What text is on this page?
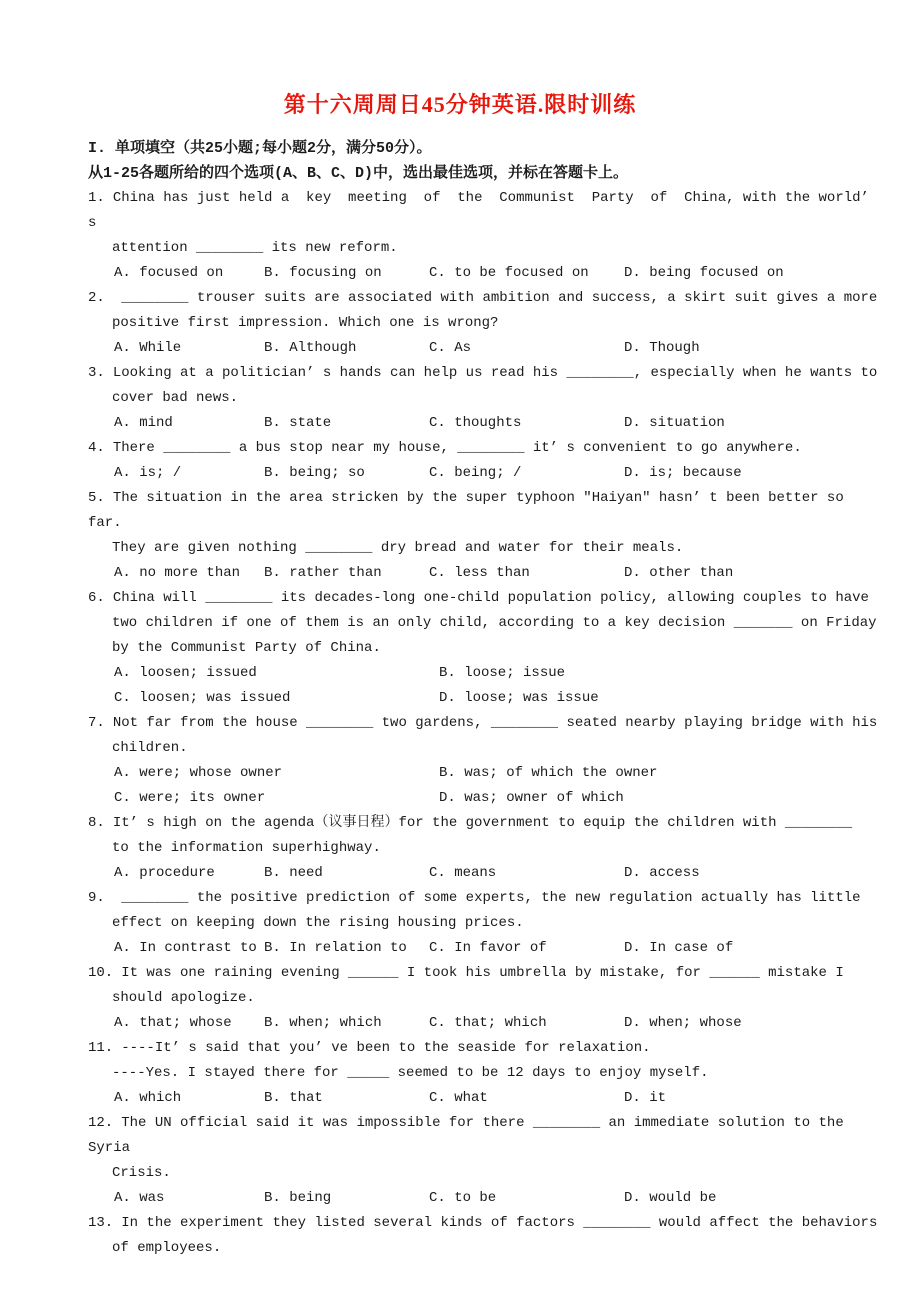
第十六周周日45分钟英语.限时训练
I. 单项填空（共25小题;每小题2分，满分50分）。
从1-25各题所给的四个选项(A、B、C、D)中，选出最佳选项，并标在答题卡上。
1. China has just held a  key  meeting  of  the  Communist  Party  of  China, with the world’ s
attention ________ its new reform.
A. focused on	B. focusing on	C. to be focused on	D. being focused on
2. ________ trouser suits are associated with ambition and success, a skirt suit gives a more
positive first impression. Which one is wrong?
A. While	B. Although	C. As	D. Though
3. Looking at a politician’ s hands can help us read his ________, especially when he wants to
cover bad news.
A. mind	B. state	C. thoughts	D. situation
4. There ________ a bus stop near my house, ________ it’ s convenient to go anywhere.
A. is; /	B. being; so	C. being; /	D. is; because
5. The situation in the area stricken by the super typhoon "Haiyan" hasn’ t been better so far.
They are given nothing ________ dry bread and water for their meals.
A. no more than	B. rather than	C. less than	D. other than
6. China will ________ its decades-long one-child population policy, allowing couples to have
two children if one of them is an only child, according to a key decision _______ on Friday
by the Communist Party of China.
A. loosen; issued	B. loose; issue
C. loosen; was issued	D. loose; was issue
7. Not far from the house ________ two gardens, ________ seated nearby playing bridge with his
children.
A. were; whose owner	B. was; of which the owner
C. were; its owner	D. was; owner of which
8. It’ s high on the agenda（议事日程）for the government to equip the children with ________
to the information superhighway.
A. procedure	B. need	C. means	D. access
9. ________ the positive prediction of some experts, the new regulation actually has little
effect on keeping down the rising housing prices.
A. In contrast to B. In relation to	C. In favor of	D. In case of
10. It was one raining evening ______ I took his umbrella by mistake, for ______ mistake I
should apologize.
A. that; whose	B. when; which	C. that; which	D. when; whose
11. ----It’ s said that you’ ve been to the seaside for relaxation.
----Yes. I stayed there for _____ seemed to be 12 days to enjoy myself.
A. which	B. that	C. what	D. it
12. The UN official said it was impossible for there ________ an immediate solution to the Syria
Crisis.
A. was	B. being	C. to be	D. would be
13. In the experiment they listed several kinds of factors ________ would affect the behaviors
of employees.
